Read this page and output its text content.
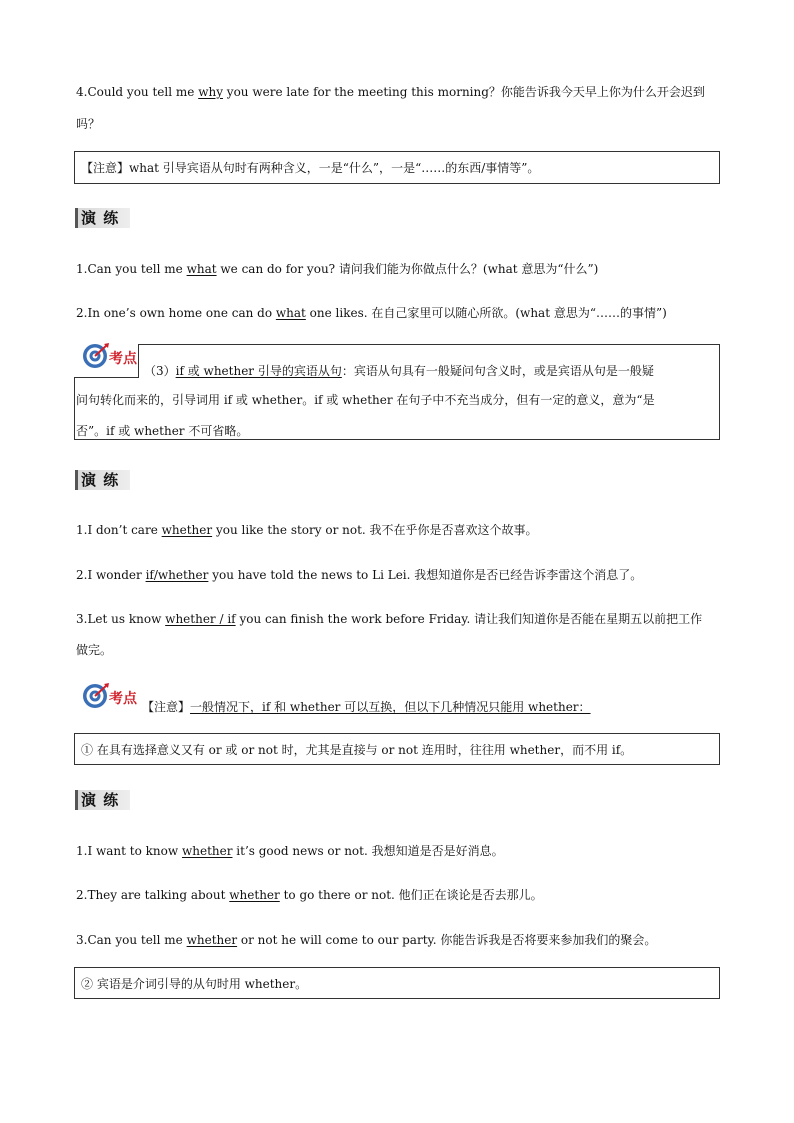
4.Could you tell me why you were late for the meeting this morning？你能告诉我今天早上你为什么开会迟到
吗？
【注意】what 引导宾语从句时有两种含义，一是“什么”，一是“……的东西/事情等”。
演 练
1.Can you tell me what we can do for you? 请问我们能为你做点什么？(what 意思为“什么”)
2.In one’s own home one can do what one likes. 在自己家里可以随心所欲。(what 意思为“……的事情”)
考点
（3）if 或 whether 引导的宾语从句：宾语从句具有一般疑问句含义时，或是宾语从句是一般疑
问句转化而来的，引导词用 if 或 whether。if 或 whether 在句子中不充当成分，但有一定的意义，意为“是
否”。if 或 whether 不可省略。
演 练
1.I don’t care whether you like the story or not. 我不在乎你是否喜欢这个故事。
2.I wonder if/whether you have told the news to Li Lei. 我想知道你是否已经告诉李雷这个消息了。
3.Let us know whether / if you can finish the work before Friday. 请让我们知道你是否能在星期五以前把工作
做完。
考点 【注意】一般情况下，if 和 whether 可以互换，但以下几种情况只能用 whether：
① 在具有选择意义又有 or 或 or not 时，尤其是直接与 or not 连用时，往往用 whether，而不用 if。
演 练
1.I want to know whether it’s good news or not. 我想知道是否是好消息。
2.They are talking about whether to go there or not. 他们正在谈论是否去那儿。
3.Can you tell me whether or not he will come to our party. 你能告诉我是否将要来参加我们的聚会。
② 宾语是介词引导的从句时用 whether。
